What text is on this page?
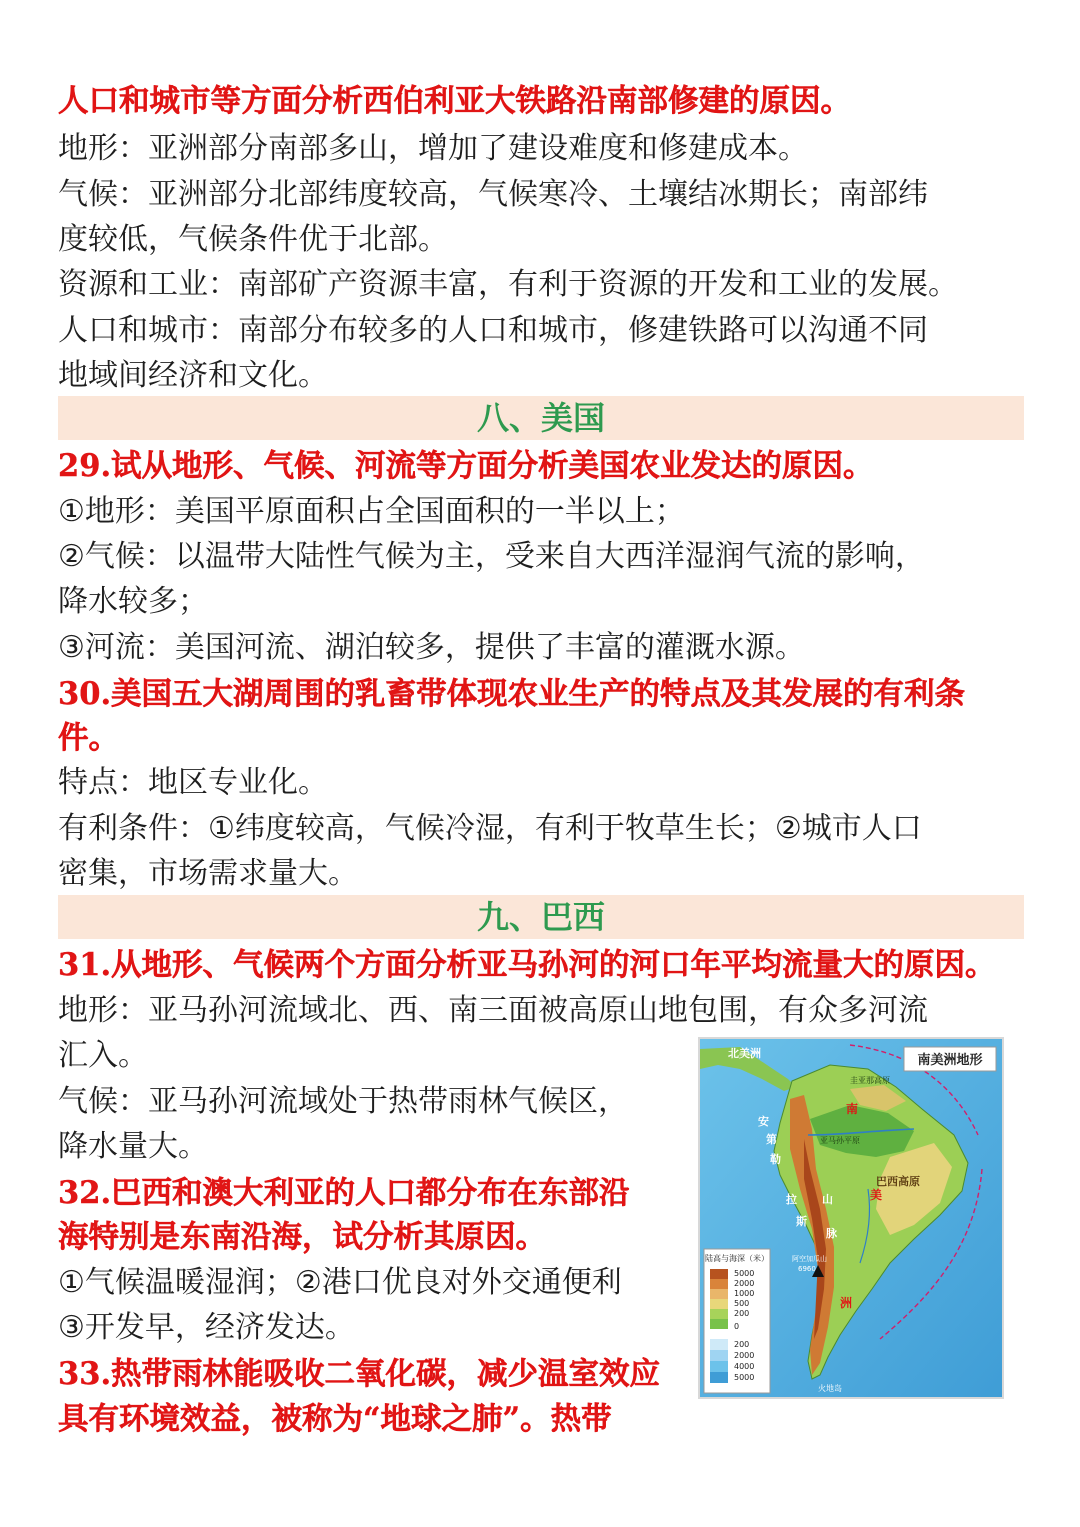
人口和城市等方面分析西伯利亚大铁路沿南部修建的原因。
地形：亚洲部分南部多山，增加了建设难度和修建成本。
气候：亚洲部分北部纬度较高，气候寒冷、土壤结冰期长；南部纬
度较低，气候条件优于北部。
资源和工业：南部矿产资源丰富，有利于资源的开发和工业的发展。
人口和城市：南部分布较多的人口和城市，修建铁路可以沟通不同
地域间经济和文化。
八、美国
29.试从地形、气候、河流等方面分析美国农业发达的原因。
①地形：美国平原面积占全国面积的一半以上；
②气候：以温带大陆性气候为主，受来自大西洋湿润气流的影响，
降水较多；
③河流：美国河流、湖泊较多，提供了丰富的灌溉水源。
30.美国五大湖周围的乳畜带体现农业生产的特点及其发展的有利条
件。
特点：地区专业化。
有利条件：①纬度较高，气候冷湿，有利于牧草生长；②城市人口
密集，市场需求量大。
九、巴西
31.从地形、气候两个方面分析亚马孙河的河口年平均流量大的原因。
地形：亚马孙河流域北、西、南三面被高原山地包围，有众多河流
汇入。
气候：亚马孙河流域处于热带雨林气候区，
降水量大。
32.巴西和澳大利亚的人口都分布在东部沿
海特别是东南沿海，试分析其原因。
①气候温暖湿润；②港口优良对外交通便利
③开发早，经济发达。
33.热带雨林能吸收二氧化碳，减少温室效应
具有环境效益，被称为“地球之肺”。热带
南美洲地形
北美洲
安
第
勒
拉
斯
山
脉
巴西高原
南
美
洲
亚马孙平原
圭亚那高原
阿空加瓜山
6960
火地岛
陆高与海深（米）
5000
2000
1000
500
200
0
200
2000
4000
5000
